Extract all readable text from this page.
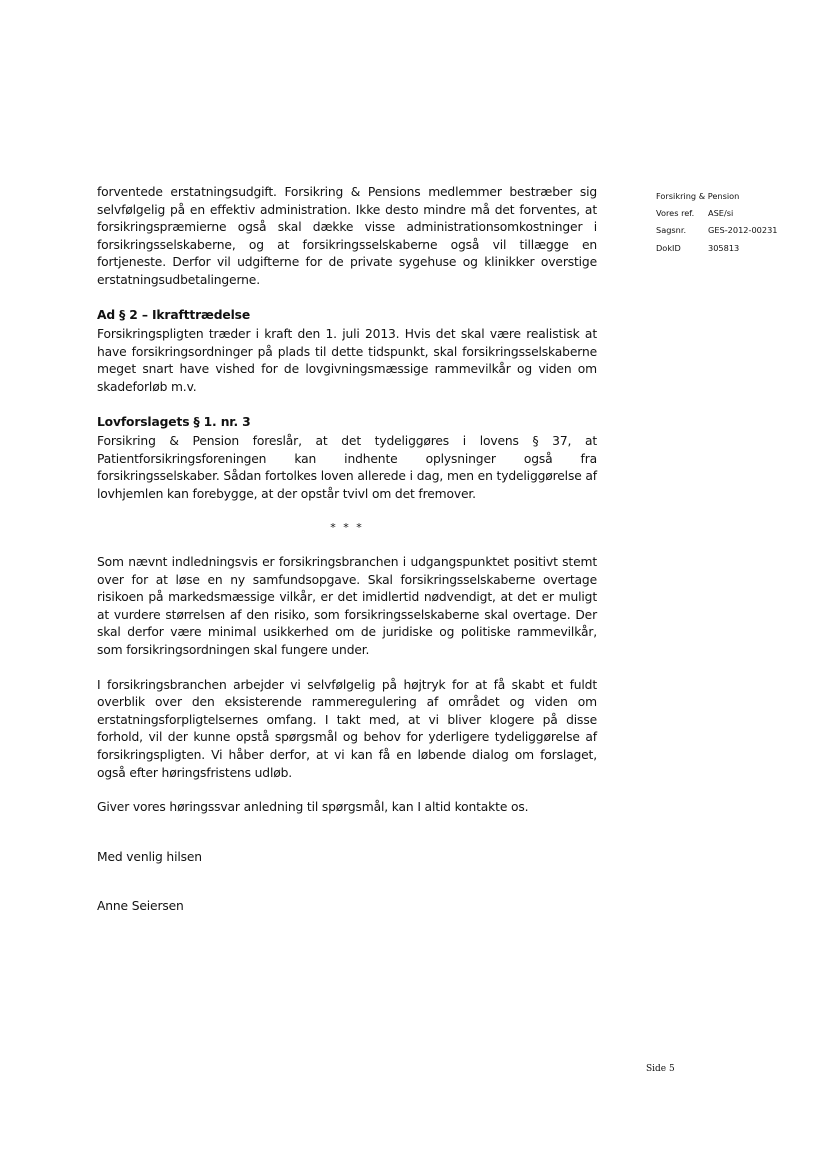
forventede erstatningsudgift. Forsikring & Pensions medlemmer bestræber sig selvfølgelig på en effektiv administration. Ikke desto mindre må det forventes, at forsikringspræmierne også skal dække visse administrationsomkostninger i forsikringsselskaberne, og at forsikringsselskaberne også vil tillægge en fortjeneste. Derfor vil udgifterne for de private sygehuse og klinikker overstige erstatningsudbetalingerne.

Ad § 2 – Ikrafttrædelse

Forsikringspligten træder i kraft den 1. juli 2013. Hvis det skal være realistisk at have forsikringsordninger på plads til dette tidspunkt, skal forsikringsselskaberne meget snart have vished for de lovgivningsmæssige rammevilkår og viden om skadeforløb m.v.

Lovforslagets § 1. nr. 3

Forsikring & Pension foreslår, at det tydeliggøres i lovens § 37, at Patientforsikringsforeningen kan indhente oplysninger også fra forsikringsselskaber. Sådan fortolkes loven allerede i dag, men en tydeliggørelse af lovhjemlen kan forebygge, at der opstår tvivl om det fremover.

* * *

Som nævnt indledningsvis er forsikringsbranchen i udgangspunktet positivt stemt over for at løse en ny samfundsopgave. Skal forsikringsselskaberne overtage risikoen på markedsmæssige vilkår, er det imidlertid nødvendigt, at det er muligt at vurdere størrelsen af den risiko, som forsikringsselskaberne skal overtage. Der skal derfor være minimal usikkerhed om de juridiske og politiske rammevilkår, som forsikringsordningen skal fungere under.

I forsikringsbranchen arbejder vi selvfølgelig på højtryk for at få skabt et fuldt overblik over den eksisterende rammeregulering af området og viden om erstatningsforpligtelsernes omfang. I takt med, at vi bliver klogere på disse forhold, vil der kunne opstå spørgsmål og behov for yderligere tydeliggørelse af forsikringspligten. Vi håber derfor, at vi kan få en løbende dialog om forslaget, også efter høringsfristens udløb.

Giver vores høringssvar anledning til spørgsmål, kan I altid kontakte os.

Med venlig hilsen

Anne Seiersen

Forsikring & Pension
Vores ref.	ASE/si
Sagsnr.	GES-2012-00231
DokID	305813
Side 5
